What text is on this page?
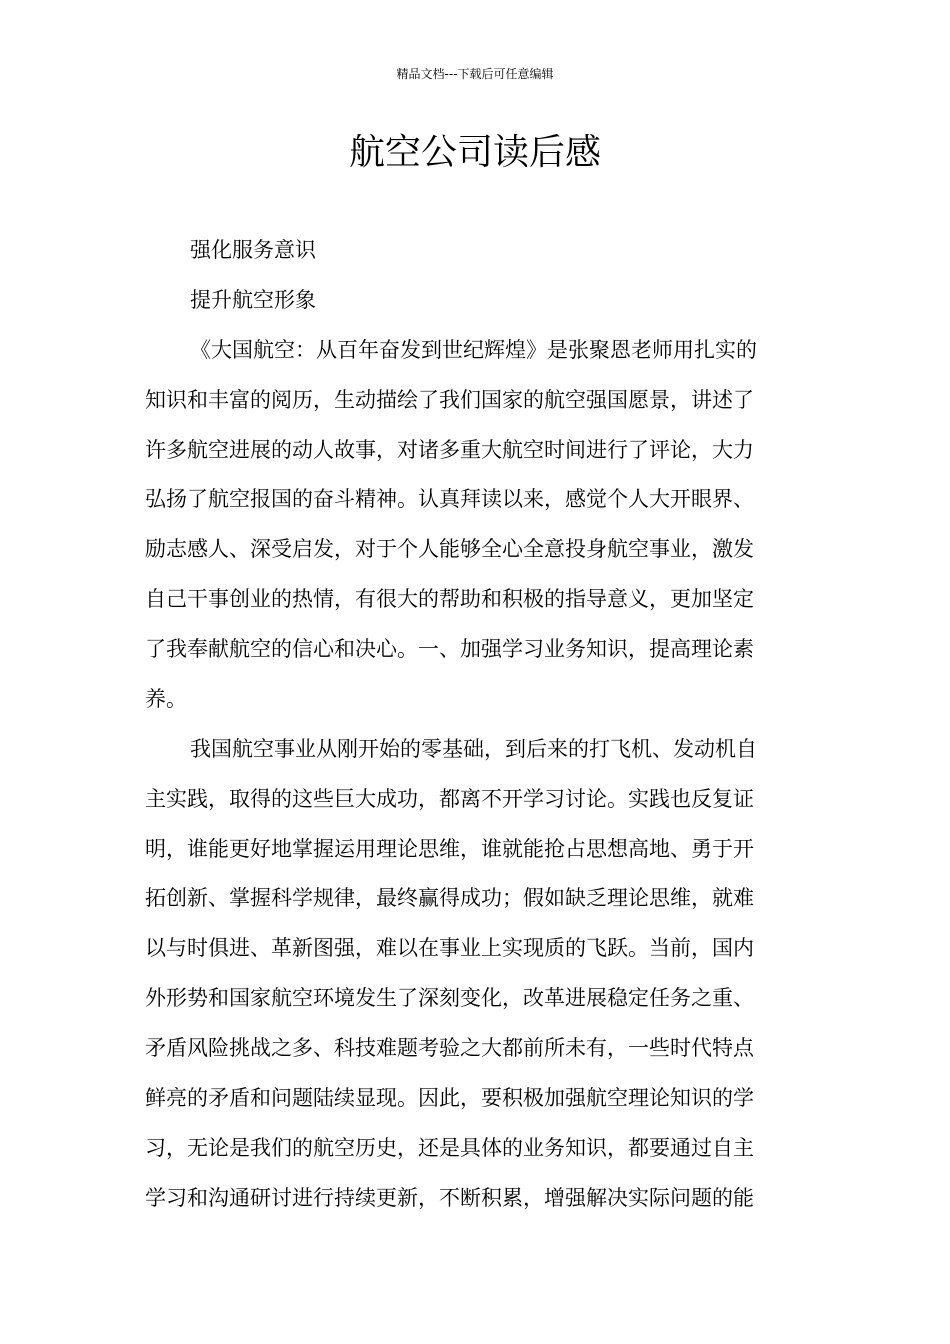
精品文档---下载后可任意编辑
航空公司读后感
强化服务意识
提升航空形象
《大国航空：从百年奋发到世纪辉煌》是张聚恩老师用扎实的
知识和丰富的阅历，生动描绘了我们国家的航空强国愿景，讲述了
许多航空进展的动人故事，对诸多重大航空时间进行了评论，大力
弘扬了航空报国的奋斗精神。认真拜读以来，感觉个人大开眼界、
励志感人、深受启发，对于个人能够全心全意投身航空事业，激发
自己干事创业的热情，有很大的帮助和积极的指导意义，更加坚定
了我奉献航空的信心和决心。一、加强学习业务知识，提高理论素
养。
我国航空事业从刚开始的零基础，到后来的打飞机、发动机自
主实践，取得的这些巨大成功，都离不开学习讨论。实践也反复证
明，谁能更好地掌握运用理论思维，谁就能抢占思想高地、勇于开
拓创新、掌握科学规律，最终赢得成功；假如缺乏理论思维，就难
以与时俱进、革新图强，难以在事业上实现质的飞跃。当前，国内
外形势和国家航空环境发生了深刻变化，改革进展稳定任务之重、
矛盾风险挑战之多、科技难题考验之大都前所未有，一些时代特点
鲜亮的矛盾和问题陆续显现。因此，要积极加强航空理论知识的学
习，无论是我们的航空历史，还是具体的业务知识，都要通过自主
学习和沟通研讨进行持续更新，不断积累，增强解决实际问题的能
